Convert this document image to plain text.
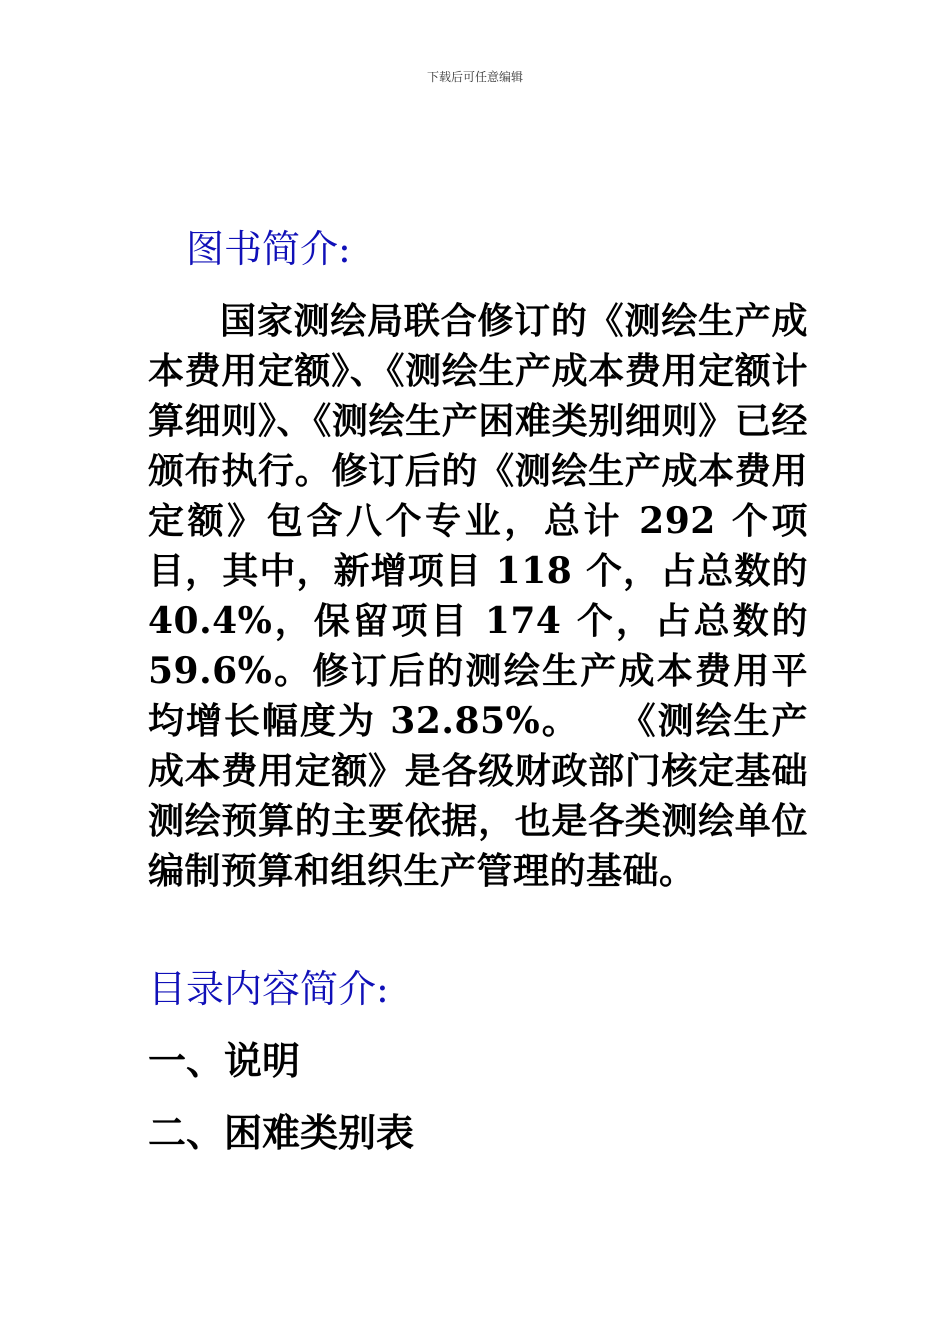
下载后可任意编辑
图书简介:

国家测绘局联合修订的《测绘生产成本费用定额》、《测绘生产成本费用定额计算细则》、《测绘生产困难类别细则》已经颁布执行。修订后的《测绘生产成本费用定额》包含八个专业，总计 292 个项目，其中，新增项目 118 个，占总数的 40.4%，保留项目 174 个，占总数的 59.6%。修订后的测绘生产成本费用平均增长幅度为 32.85%。　　《测绘生产成本费用定额》是各级财政部门核定基础测绘预算的主要依据，也是各类测绘单位编制预算和组织生产管理的基础。

目录内容简介:

一、说明

二、困难类别表
